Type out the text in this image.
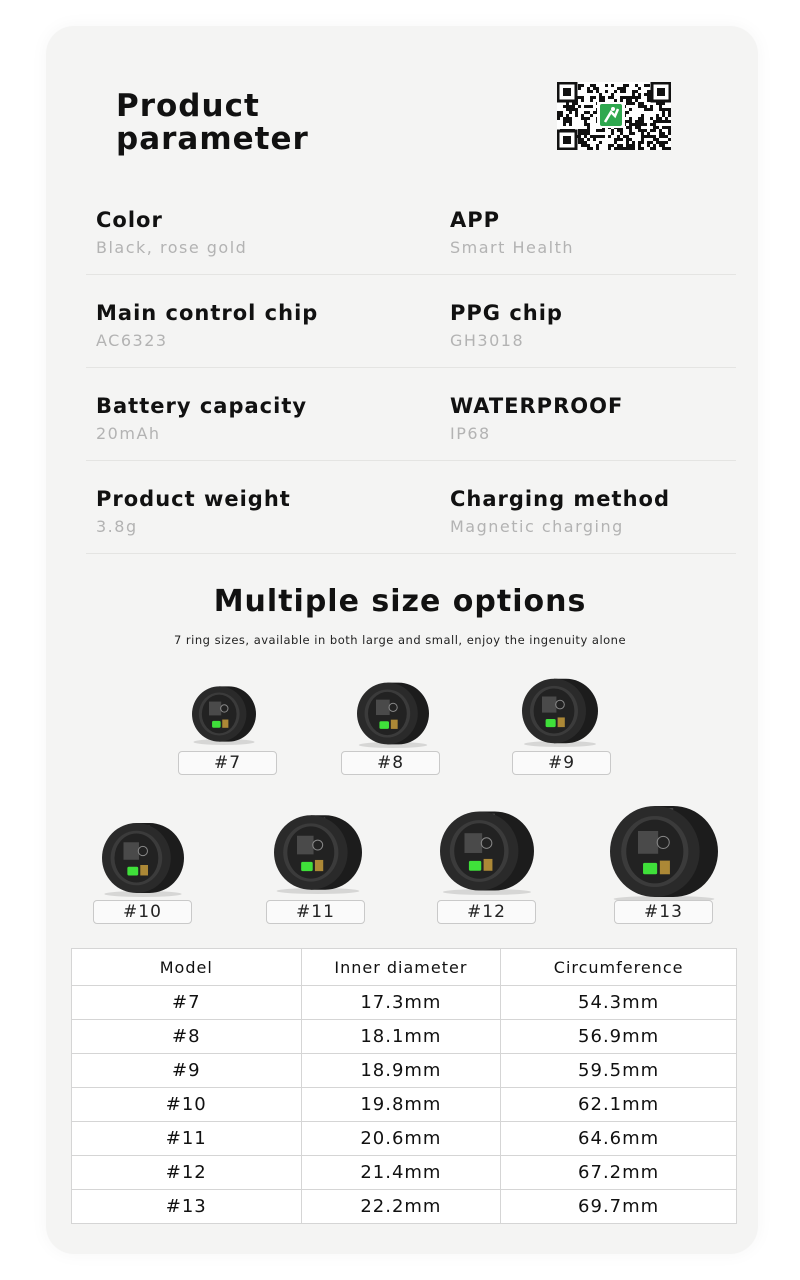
Product parameter
Color
Black, rose gold
APP
Smart Health
Main control chip
AC6323
PPG chip
GH3018
Battery capacity
20mAh
WATERPROOF
IP68
Product weight
3.8g
Charging method
Magnetic charging
Multiple size options
7 ring sizes, available in both large and small, enjoy the ingenuity alone
#7	#8	#9
#10	#11	#12	#13
Model	Inner diameter	Circumference
#7	17.3mm	54.3mm
#8	18.1mm	56.9mm
#9	18.9mm	59.5mm
#10	19.8mm	62.1mm
#11	20.6mm	64.6mm
#12	21.4mm	67.2mm
#13	22.2mm	69.7mm
